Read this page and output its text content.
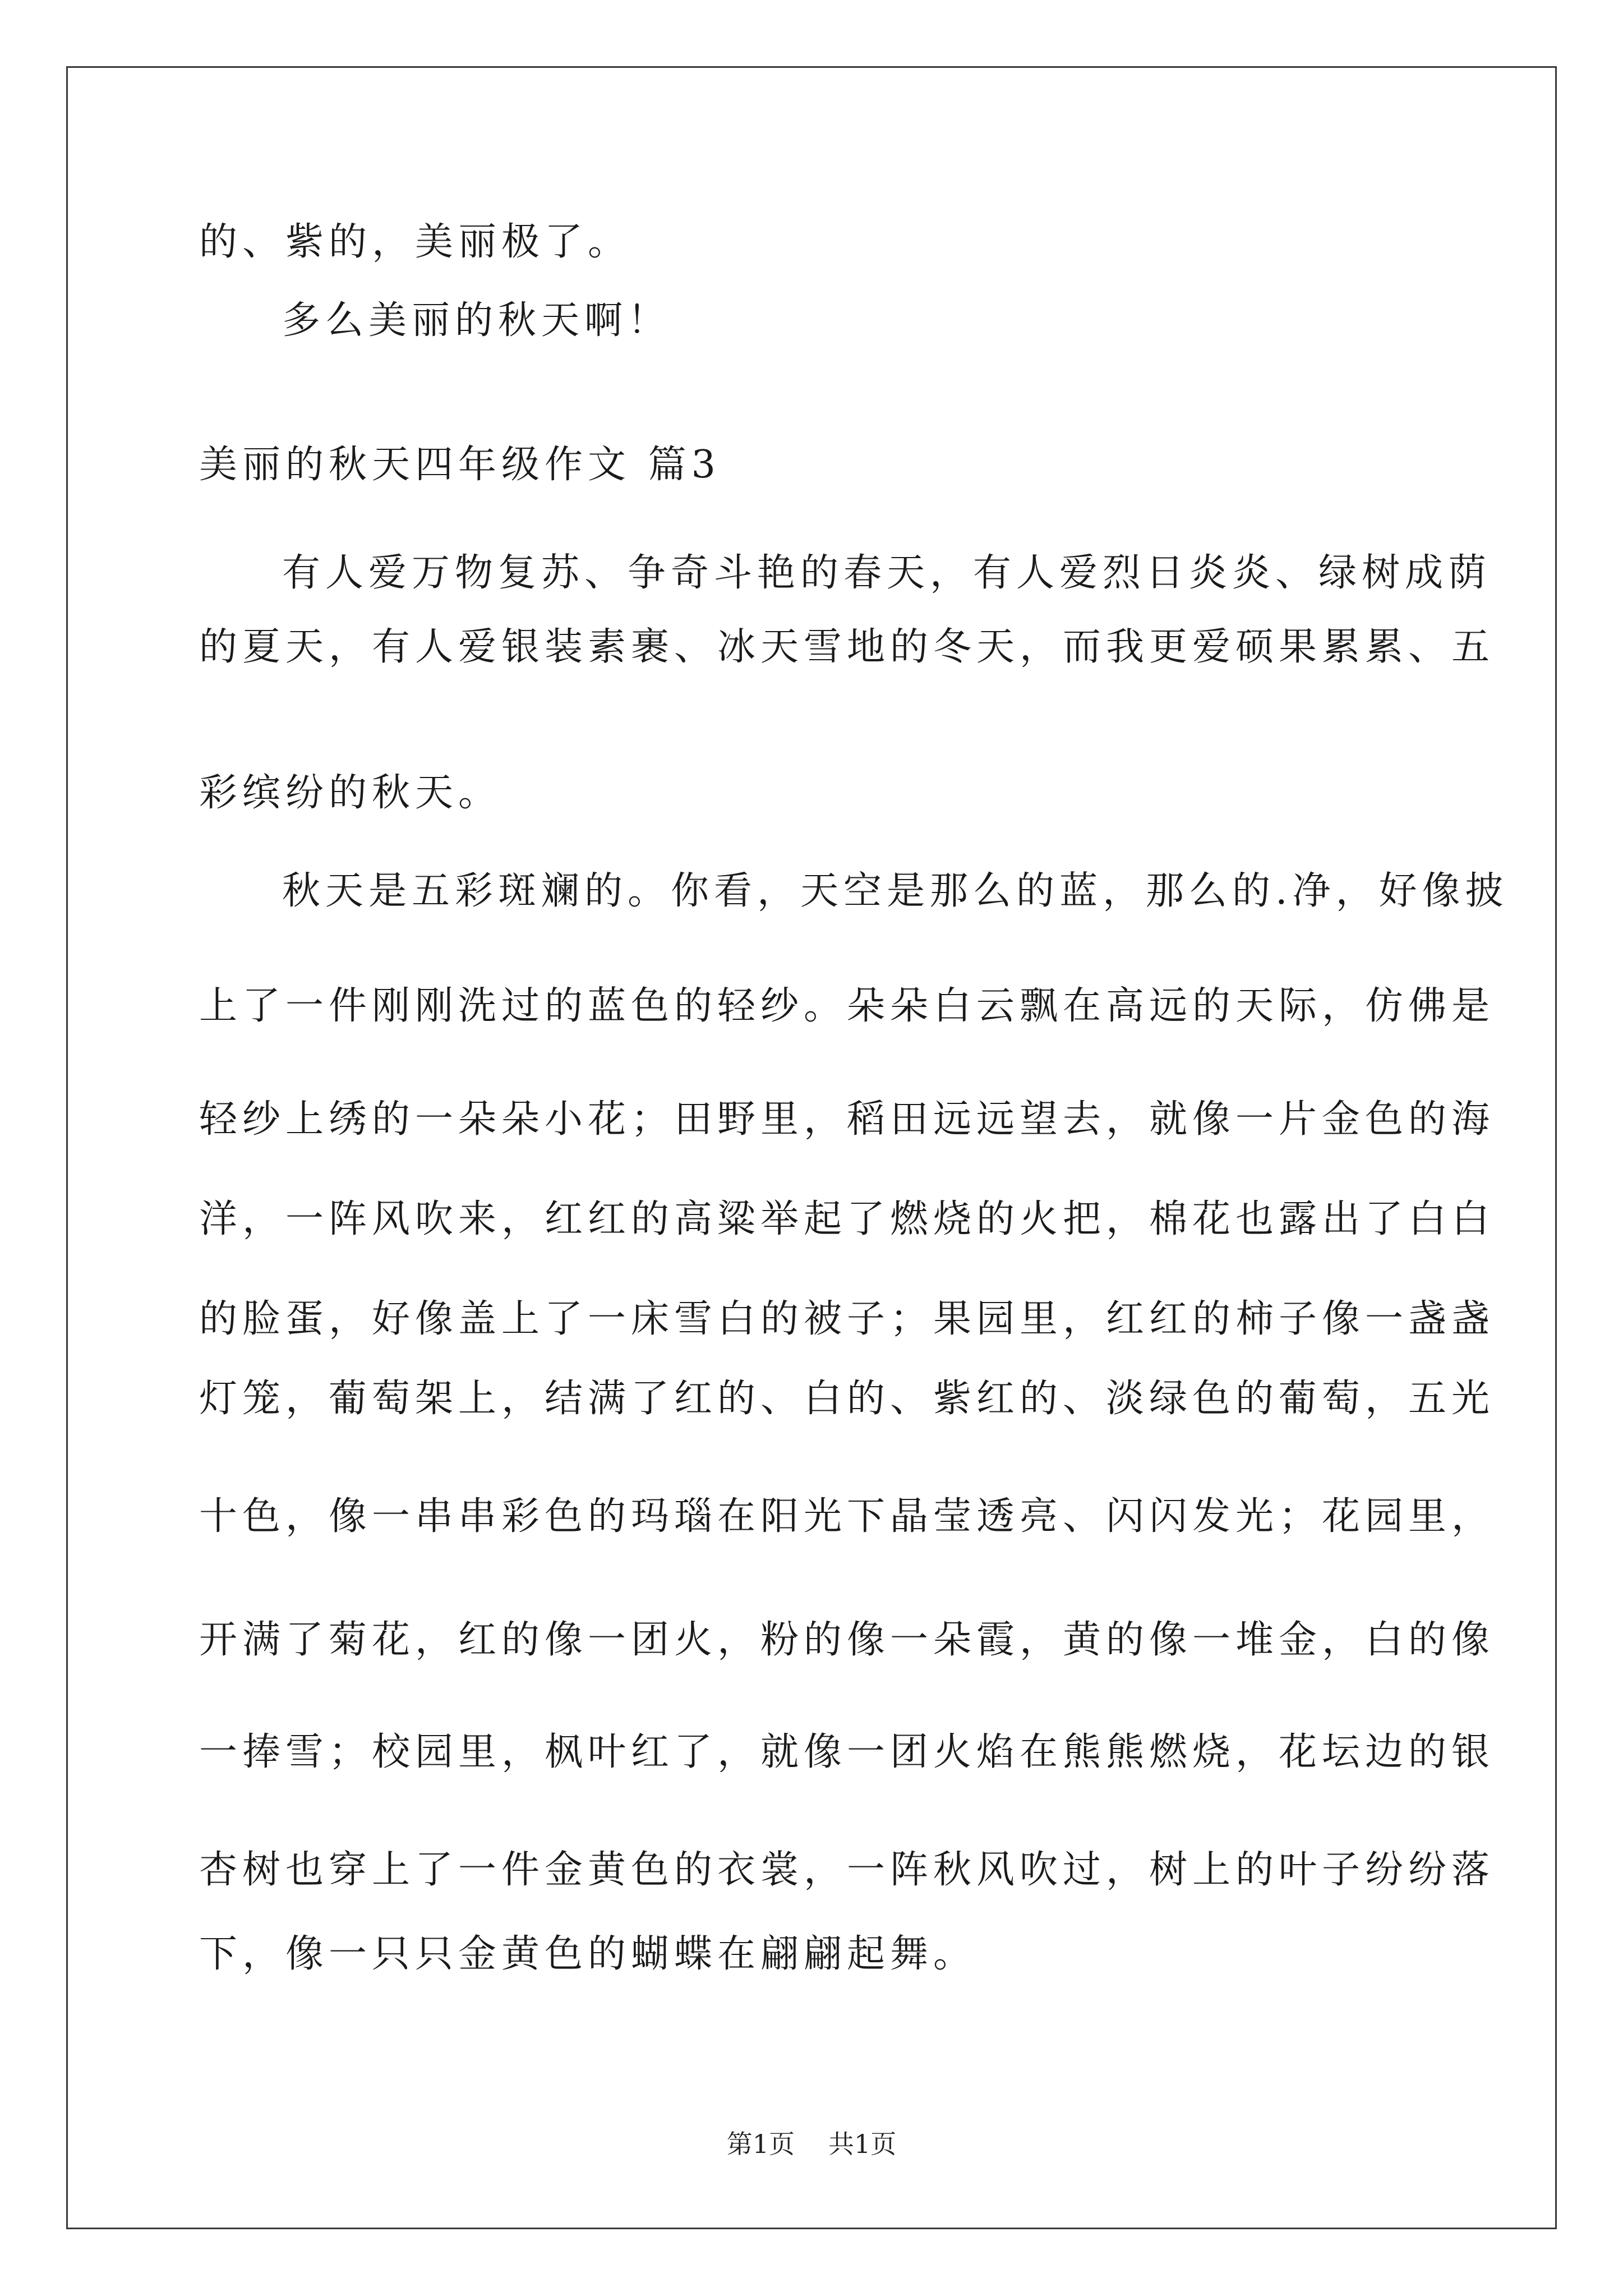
的、紫的，美丽极了。
多么美丽的秋天啊！
美丽的秋天四年级作文 篇3
有人爱万物复苏、争奇斗艳的春天，有人爱烈日炎炎、绿树成荫
的夏天，有人爱银装素裹、冰天雪地的冬天，而我更爱硕果累累、五
彩缤纷的秋天。
秋天是五彩斑斓的。你看，天空是那么的蓝，那么的.净，好像披
上了一件刚刚洗过的蓝色的轻纱。朵朵白云飘在高远的天际，仿佛是
轻纱上绣的一朵朵小花；田野里，稻田远远望去，就像一片金色的海
洋，一阵风吹来，红红的高粱举起了燃烧的火把，棉花也露出了白白
的脸蛋，好像盖上了一床雪白的被子；果园里，红红的柿子像一盏盏
灯笼，葡萄架上，结满了红的、白的、紫红的、淡绿色的葡萄，五光
十色，像一串串彩色的玛瑙在阳光下晶莹透亮、闪闪发光；花园里，
开满了菊花，红的像一团火，粉的像一朵霞，黄的像一堆金，白的像
一捧雪；校园里，枫叶红了，就像一团火焰在熊熊燃烧，花坛边的银
杏树也穿上了一件金黄色的衣裳，一阵秋风吹过，树上的叶子纷纷落
下，像一只只金黄色的蝴蝶在翩翩起舞。
第1页 共1页
